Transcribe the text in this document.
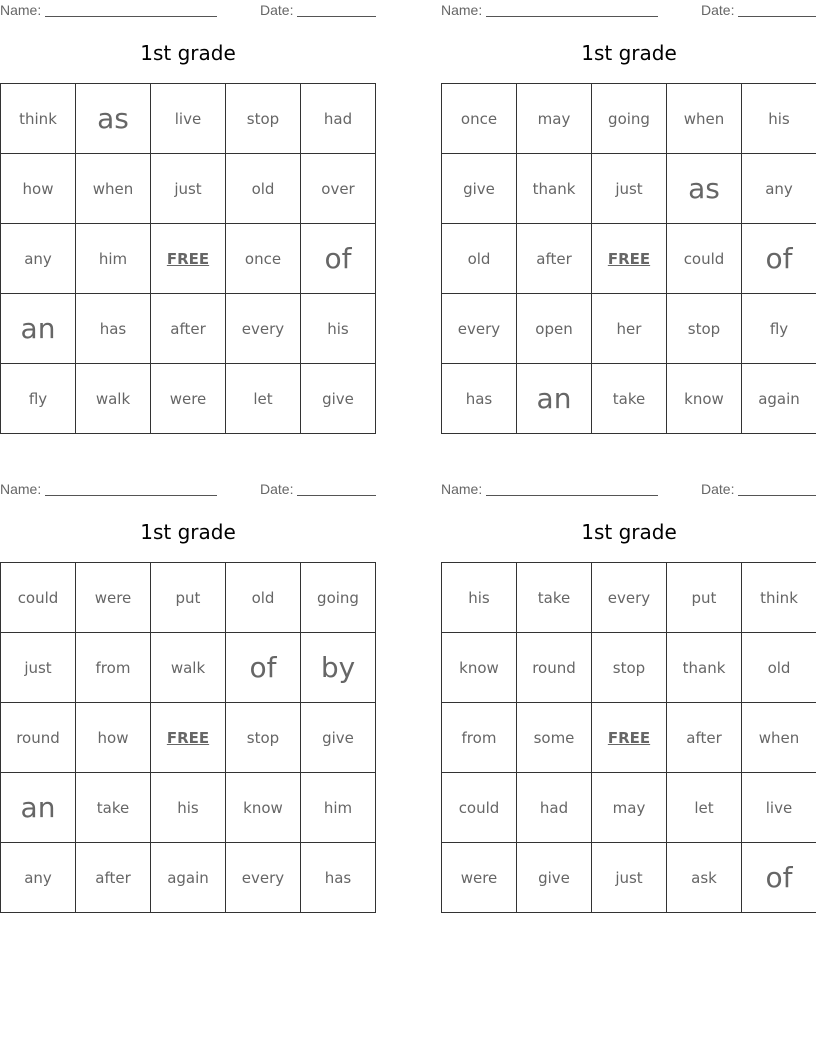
Name:	Date:
1st grade
think	as	live	stop	had
how	when	just	old	over
any	him	FREE	once	of
an	has	after	every	his
fly	walk	were	let	give
Name:	Date:
1st grade
once	may	going	when	his
give	thank	just	as	any
old	after	FREE	could	of
every	open	her	stop	fly
has	an	take	know	again
Name:	Date:
1st grade
could	were	put	old	going
just	from	walk	of	by
round	how	FREE	stop	give
an	take	his	know	him
any	after	again	every	has
Name:	Date:
1st grade
his	take	every	put	think
know	round	stop	thank	old
from	some	FREE	after	when
could	had	may	let	live
were	give	just	ask	of
